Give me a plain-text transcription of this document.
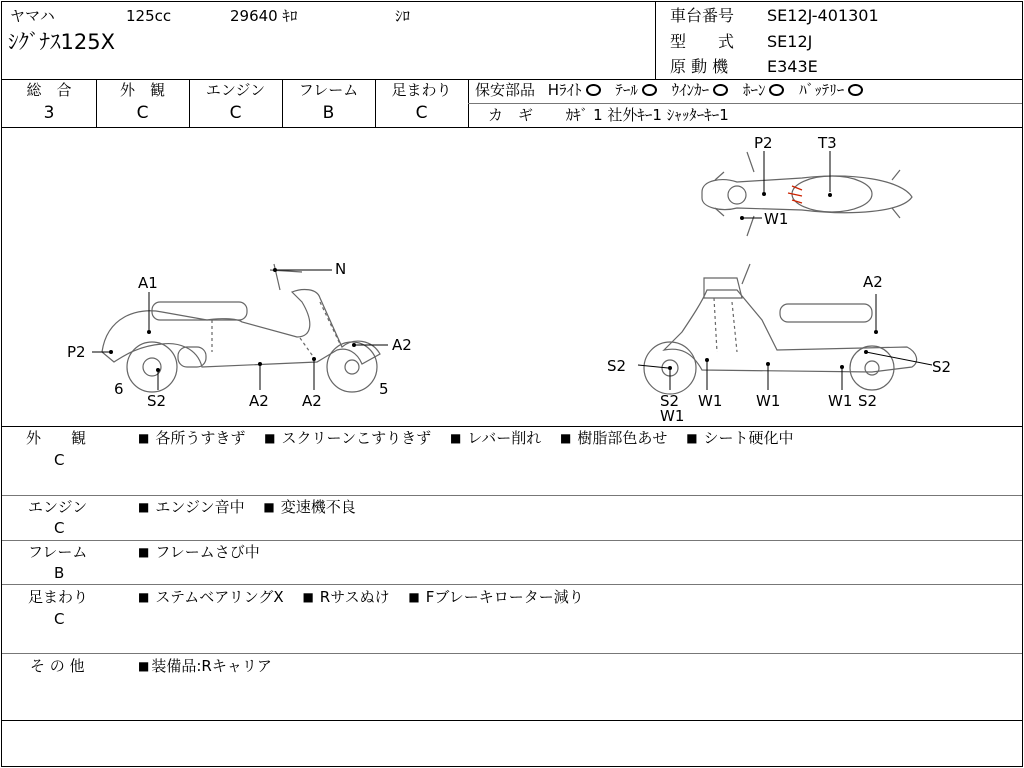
ヤマハ	125cc	29640 ｷﾛ	ｼﾛ
ｼｸﾞﾅｽ125X
車台番号 SE12J-401301
型　　式 SE12J
原 動 機 E343E
総　合
3
外　観
C
エンジン
C
フレーム
B
足まわり
C
保安部品 Hﾗｲﾄ ﾃｰﾙ ｳｲﾝｶｰ ﾎｰﾝ ﾊﾞｯﾃﾘｰ
カ　ギ ｶｷﾞ 1 社外ｷｰ1 ｼｬｯﾀｰｷｰ1
A1
N
P2	A2
6	5
S2	A2 A2
A2
S2	S2
S2
W1
W1 W1	W1 S2
P2	T3
W1
外　　観
C
■ 各所うすきず ■ スクリーンこすりきず ■ レバー削れ ■ 樹脂部色あせ ■ シート硬化中
エンジン
C
■ エンジン音中 ■ 変速機不良
フレーム
B
■ フレームさび中
足まわり
C
■ ステムベアリングX ■ Rサスぬけ ■ Fブレーキローター減り
そ の 他	■ 装備品:Rキャリア
